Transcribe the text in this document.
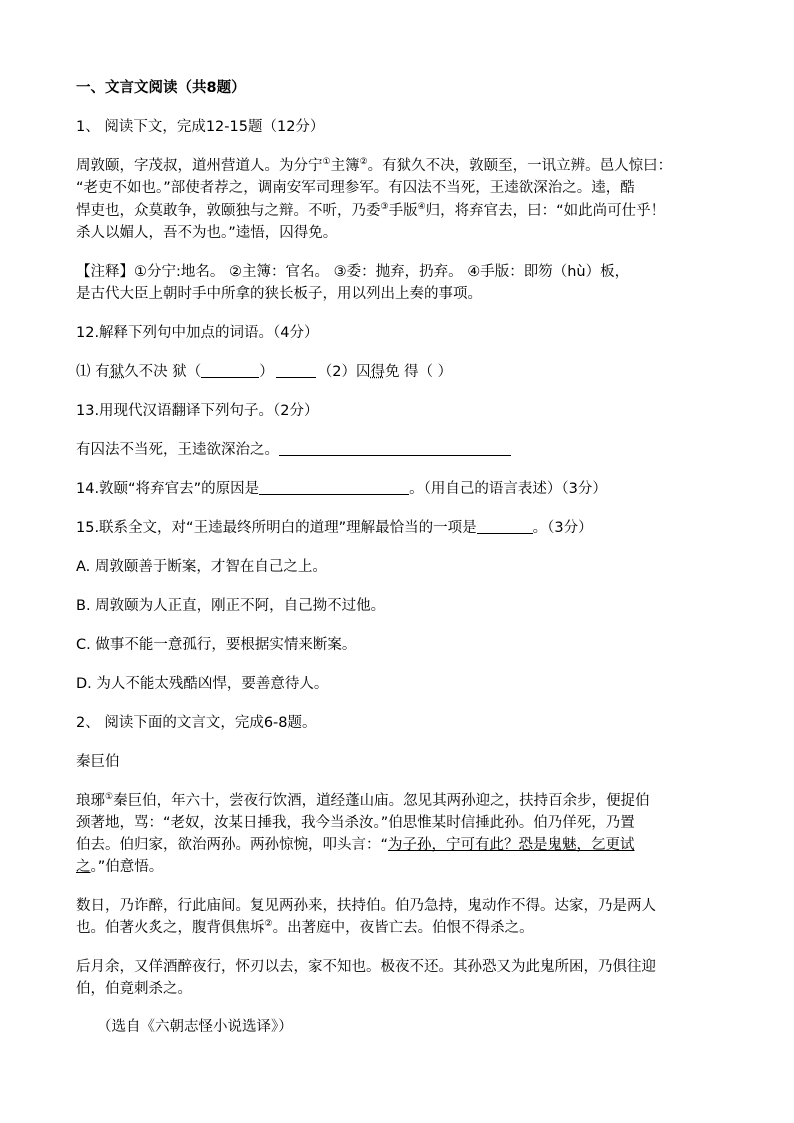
一、文言文阅读（共8题）
1、 阅读下文，完成12-15题（12分）
周敦颐，字茂叔，道州营道人。为分宁①主簿②。有狱久不决，敦颐至，一讯立辨。邑人惊曰：
“老吏不如也。”部使者荐之，调南安军司理参军。有囚法不当死，王逵欲深治之。逵，酷
悍吏也，众莫敢争，敦颐独与之辩。不听，乃委③手版④归，将弃官去，曰：“如此尚可仕乎！
杀人以媚人，吾不为也。”逵悟，囚得免。
【注释】①分宁:地名。 ②主簿：官名。 ③委：抛弃，扔弃。 ④手版：即笏（hù）板，
是古代大臣上朝时手中所拿的狭长板子，用以列出上奏的事项。
12.解释下列句中加点的词语。（4分）
⑴ 有狱久不决 狱（	）	（2）囚得免 得（ ）
13.用现代汉语翻译下列句子。（2分）
有囚法不当死，王逵欲深治之。
14.敦颐“将弃官去”的原因是	。（用自己的语言表述）（3分）
15.联系全文，对“王逵最终所明白的道理”理解最恰当的一项是	。（3分）
A. 周敦颐善于断案，才智在自己之上。
B. 周敦颐为人正直，刚正不阿，自己拗不过他。
C. 做事不能一意孤行，要根据实情来断案。
D. 为人不能太残酷凶悍，要善意待人。
2、 阅读下面的文言文，完成6-8题。
秦巨伯
琅琊①秦巨伯，年六十，尝夜行饮酒，道经蓬山庙。忽见其两孙迎之，扶持百余步，便捉伯
颈著地，骂：“老奴，汝某日捶我，我今当杀汝。”伯思惟某时信捶此孙。伯乃佯死，乃置
伯去。伯归家，欲治两孙。两孙惊惋，叩头言：“为子孙，宁可有此？恐是鬼魅，乞更试
之。”伯意悟。
数日，乃诈醉，行此庙间。复见两孙来，扶持伯。伯乃急持，鬼动作不得。达家，乃是两人
也。伯著火炙之，腹背俱焦坼②。出著庭中，夜皆亡去。伯恨不得杀之。
后月余，又佯酒醉夜行，怀刃以去，家不知也。极夜不还。其孙恐又为此鬼所困，乃俱往迎
伯，伯竟刺杀之。
（选自《六朝志怪小说选译》）
